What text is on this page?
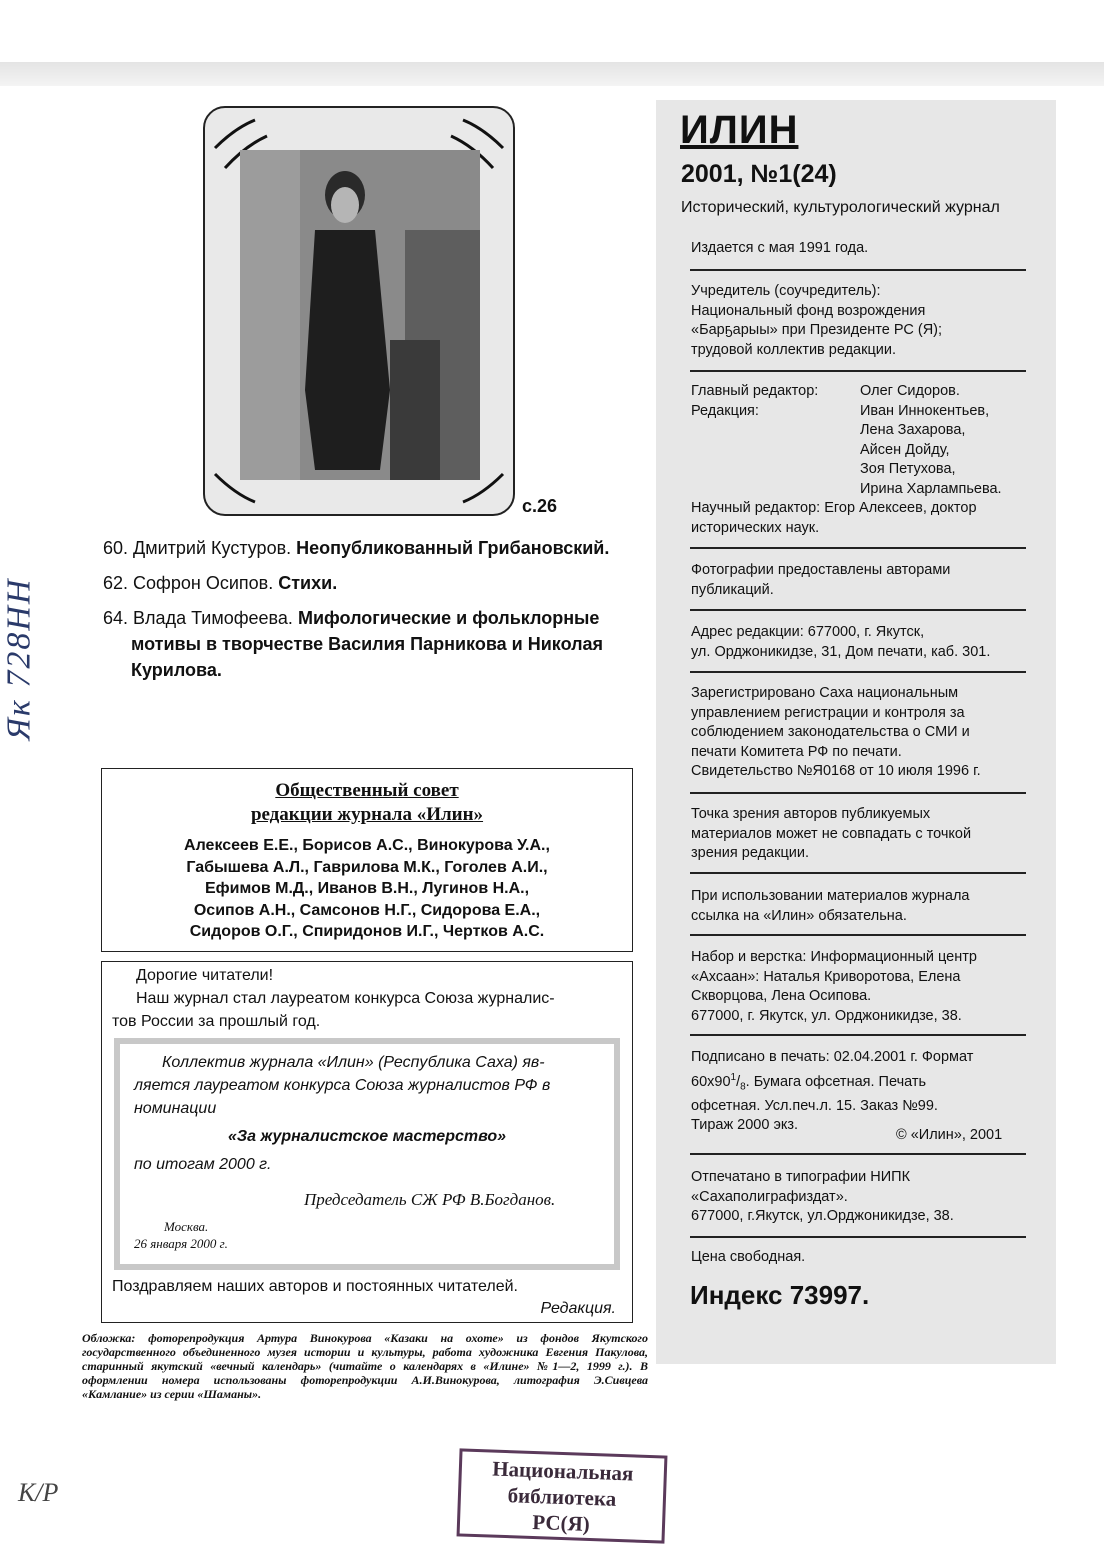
с.26
60. Дмитрий Кустуров. Неопубликованный Грибановский.
62. Софрон Осипов. Стихи.
64. Влада Тимофеева. Мифологические и фольклорные мотивы в творчестве Василия Парникова и Николая Курилова.
Общественный совет
редакции журнала «Илин»
Алексеев Е.Е., Борисов А.С., Винокурова У.А.,
Габышева А.Л., Гаврилова М.К., Гоголев А.И.,
Ефимов М.Д., Иванов В.Н., Лугинов Н.А.,
Осипов А.Н., Самсонов Н.Г., Сидорова Е.А.,
Сидоров О.Г., Спиридонов И.Г., Чертков А.С.
Дорогие читатели!
Наш журнал стал лауреатом конкурса Союза журналис-
тов России за прошлый год.
Коллектив журнала «Илин» (Республика Саха) яв-
ляется лауреатом конкурса Союза журналистов РФ в
номинации
«За журналистское мастерство»
по итогам 2000 г.
Председатель СЖ РФ В.Богданов.
Москва.
26 января 2000 г.
Поздравляем наших авторов и постоянных читателей.
Редакция.
Обложка: фоторепродукция Артура Винокурова «Казаки на охоте» из фондов Якутского государственного объединенного музея истории и культуры, работа художника Евгения Пакулова, старинный якутский «вечный календарь» (читайте о календарях в «Илине» №1—2, 1999 г.). В оформлении номера использованы фоторепродукции А.И.Винокурова, литография Э.Сивцева «Камлание» из серии «Шаманы».
ИЛИН
2001, №1(24)
Исторический, культурологический журнал
Издается с мая 1991 года.
Учредитель (соучредитель):
Национальный фонд возрождения
«Барҕарыы» при Президенте РС (Я);
трудовой коллектив редакции.
Главный редактор:
Редакция:
Олег Сидоров.
Иван Иннокентьев,
Лена Захарова,
Айсен Дойду,
Зоя Петухова,
Ирина Харлампьева.
Научный редактор: Егор Алексеев, доктор
исторических наук.
Фотографии предоставлены авторами
публикаций.
Адрес редакции: 677000, г. Якутск,
ул. Орджоникидзе, 31, Дом печати, каб. 301.
Зарегистрировано Саха национальным
управлением регистрации и контроля за
соблюдением законодательства о СМИ и
печати Комитета РФ по печати.
Свидетельство №Я0168 от 10 июля 1996 г.
Точка зрения авторов публикуемых
материалов может не совпадать с точкой
зрения редакции.
При использовании материалов журнала
ссылка на «Илин» обязательна.
Набор и верстка: Информационный центр
«Ахсаан»: Наталья Криворотова, Елена
Скворцова, Лена Осипова.
677000, г. Якутск, ул. Орджоникидзе, 38.
Подписано в печать: 02.04.2001 г. Формат
$60x90^1/_8$. Бумага офсетная. Печать
офсетная. Усл.печ.л. 15. Заказ №99.
Тираж 2000 экз.
© «Илин», 2001
Отпечатано в типографии НИПК
«Сахаполиграфиздат».
677000, г.Якутск, ул.Орджоникидзе, 38.
Цена свободная.
Индекс 73997.
Национальная
библиотека
РС(Я)
Як 728НН
К/Р
